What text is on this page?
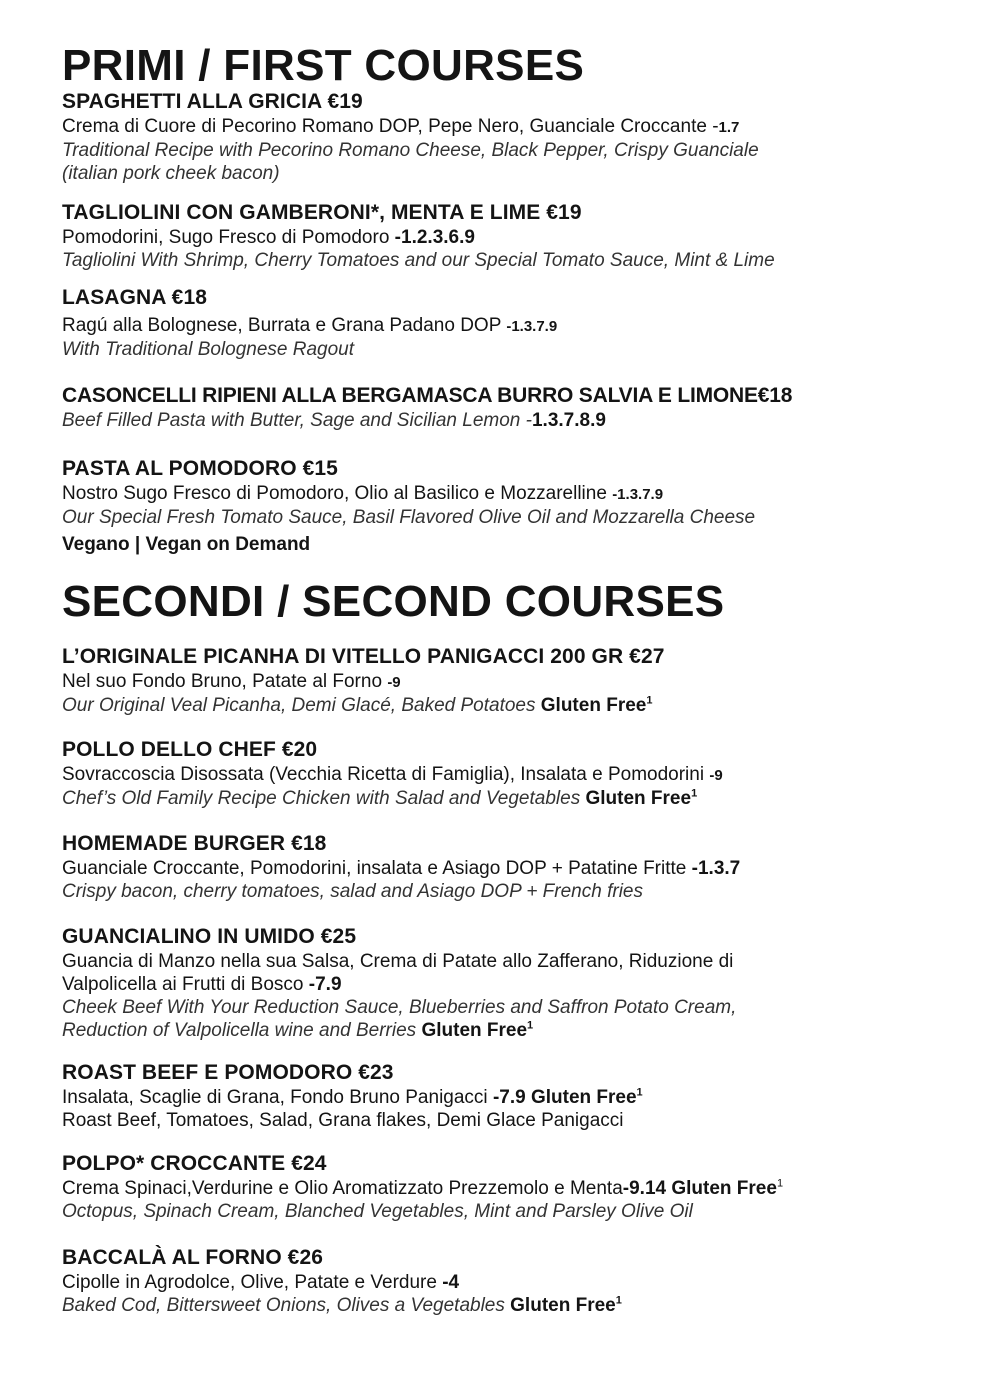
PRIMI / FIRST COURSES
SPAGHETTI ALLA GRICIA €19
Crema di Cuore di Pecorino Romano DOP, Pepe Nero, Guanciale Croccante -1.7
Traditional Recipe with Pecorino Romano Cheese, Black Pepper, Crispy Guanciale
(italian pork cheek bacon)
TAGLIOLINI CON GAMBERONI*, MENTA E LIME €19
Pomodorini, Sugo Fresco di Pomodoro -1.2.3.6.9
Tagliolini With Shrimp, Cherry Tomatoes and our Special Tomato Sauce, Mint & Lime
LASAGNA €18
Ragú alla Bolognese, Burrata e Grana Padano DOP -1.3.7.9
With Traditional Bolognese Ragout
CASONCELLI RIPIENI ALLA BERGAMASCA BURRO SALVIA E LIMONE€18
Beef Filled Pasta with Butter, Sage and Sicilian Lemon -1.3.7.8.9
PASTA AL POMODORO €15
Nostro Sugo Fresco di Pomodoro, Olio al Basilico e Mozzarelline -1.3.7.9
Our Special Fresh Tomato Sauce, Basil Flavored Olive Oil and Mozzarella Cheese
Vegano | Vegan on Demand
SECONDI / SECOND COURSES
L’ORIGINALE PICANHA DI VITELLO PANIGACCI 200 GR €27
Nel suo Fondo Bruno, Patate al Forno -9
Our Original Veal Picanha, Demi Glacé, Baked Potatoes Gluten Free$^1$
POLLO DELLO CHEF €20
Sovraccoscia Disossata (Vecchia Ricetta di Famiglia), Insalata e Pomodorini -9
Chef’s Old Family Recipe Chicken with Salad and Vegetables Gluten Free$^1$
HOMEMADE BURGER €18
Guanciale Croccante, Pomodorini, insalata e Asiago DOP + Patatine Fritte -1.3.7
Crispy bacon, cherry tomatoes, salad and Asiago DOP + French fries
GUANCIALINO IN UMIDO €25
Guancia di Manzo nella sua Salsa, Crema di Patate allo Zafferano, Riduzione di
Valpolicella ai Frutti di Bosco -7.9
Cheek Beef With Your Reduction Sauce, Blueberries and Saffron Potato Cream,
Reduction of Valpolicella wine and Berries Gluten Free$^1$
ROAST BEEF E POMODORO €23
Insalata, Scaglie di Grana, Fondo Bruno Panigacci -7.9 Gluten Free$^1$
Roast Beef, Tomatoes, Salad, Grana flakes, Demi Glace Panigacci
POLPO* CROCCANTE €24
Crema Spinaci,Verdurine e Olio Aromatizzato Prezzemolo e Menta-9.14 Gluten Free$^1$
Octopus, Spinach Cream, Blanched Vegetables, Mint and Parsley Olive Oil
BACCALÀ AL FORNO €26
Cipolle in Agrodolce, Olive, Patate e Verdure -4
Baked Cod, Bittersweet Onions, Olives a Vegetables Gluten Free$^1$
